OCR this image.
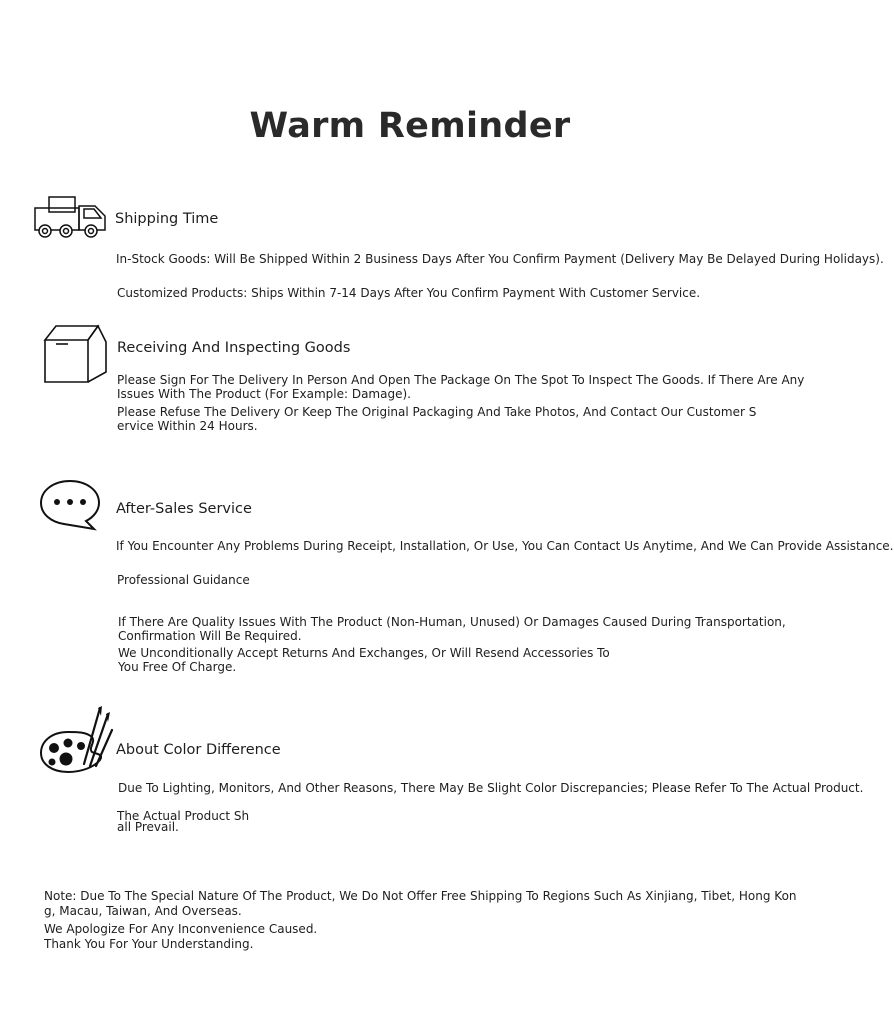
Warm Reminder
Shipping Time
In-Stock Goods: Will Be Shipped Within 2 Business Days After You Confirm Payment (Delivery May Be Delayed During Holidays).
Customized Products: Ships Within 7-14 Days After You Confirm Payment With Customer Service.
Receiving And Inspecting Goods
Please Sign For The Delivery In Person And Open The Package On The Spot To Inspect The Goods. If There Are Any
Issues With The Product (For Example: Damage).
Please Refuse The Delivery Or Keep The Original Packaging And Take Photos, And Contact Our Customer S
ervice Within 24 Hours.
After-Sales Service
If You Encounter Any Problems During Receipt, Installation, Or Use, You Can Contact Us Anytime, And We Can Provide Assistance.
Professional Guidance
If There Are Quality Issues With The Product (Non-Human, Unused) Or Damages Caused During Transportation,
Confirmation Will Be Required.
We Unconditionally Accept Returns And Exchanges, Or Will Resend Accessories To
You Free Of Charge.
About Color Difference
Due To Lighting, Monitors, And Other Reasons, There May Be Slight Color Discrepancies; Please Refer To The Actual Product.
The Actual Product Sh
all Prevail.
Note: Due To The Special Nature Of The Product, We Do Not Offer Free Shipping To Regions Such As Xinjiang, Tibet, Hong Kon
g, Macau, Taiwan, And Overseas.
We Apologize For Any Inconvenience Caused.
Thank You For Your Understanding.
